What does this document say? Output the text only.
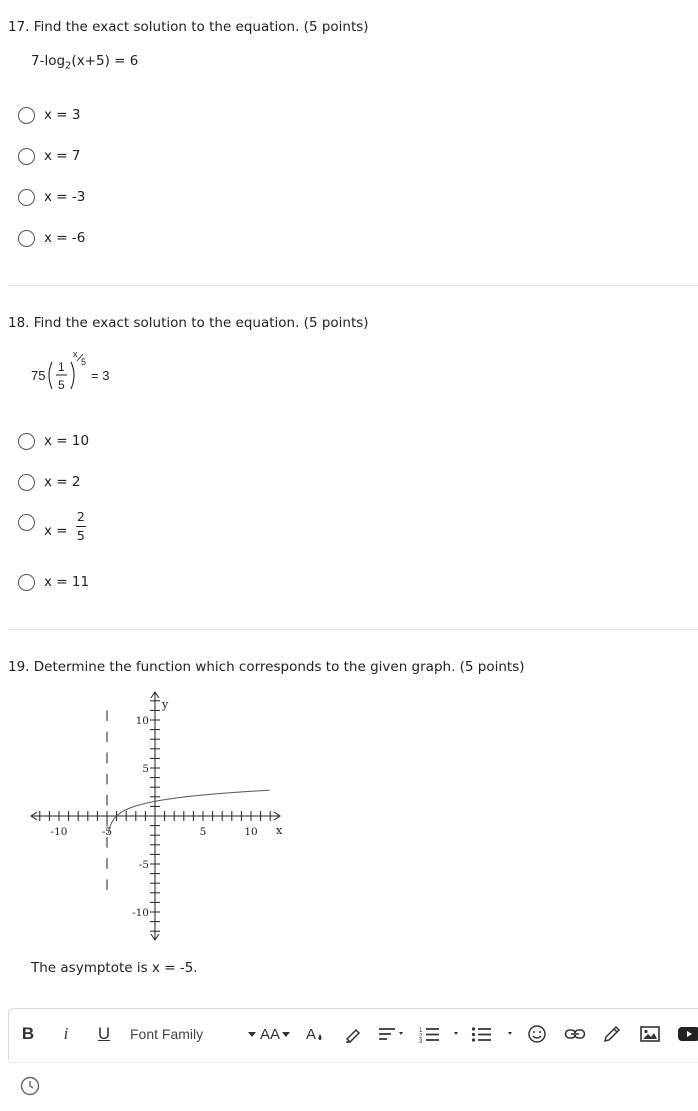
17. Find the exact solution to the equation. (5 points)
$7-\log_2(x+5) = 6$
x = 3
x = 7
x = -3
x = -6
18. Find the exact solution to the equation. (5 points)
75
1
5
x
5
= 3
x = 10
x = 2
$x = \frac{2}{5}$
x = 11
19. Determine the function which corresponds to the given graph. (5 points)
-10	-5	5	10
10
5
-5
-10
x
y
The asymptote is x = -5.
B	i	U	Font Family	AA A	1
2
3
